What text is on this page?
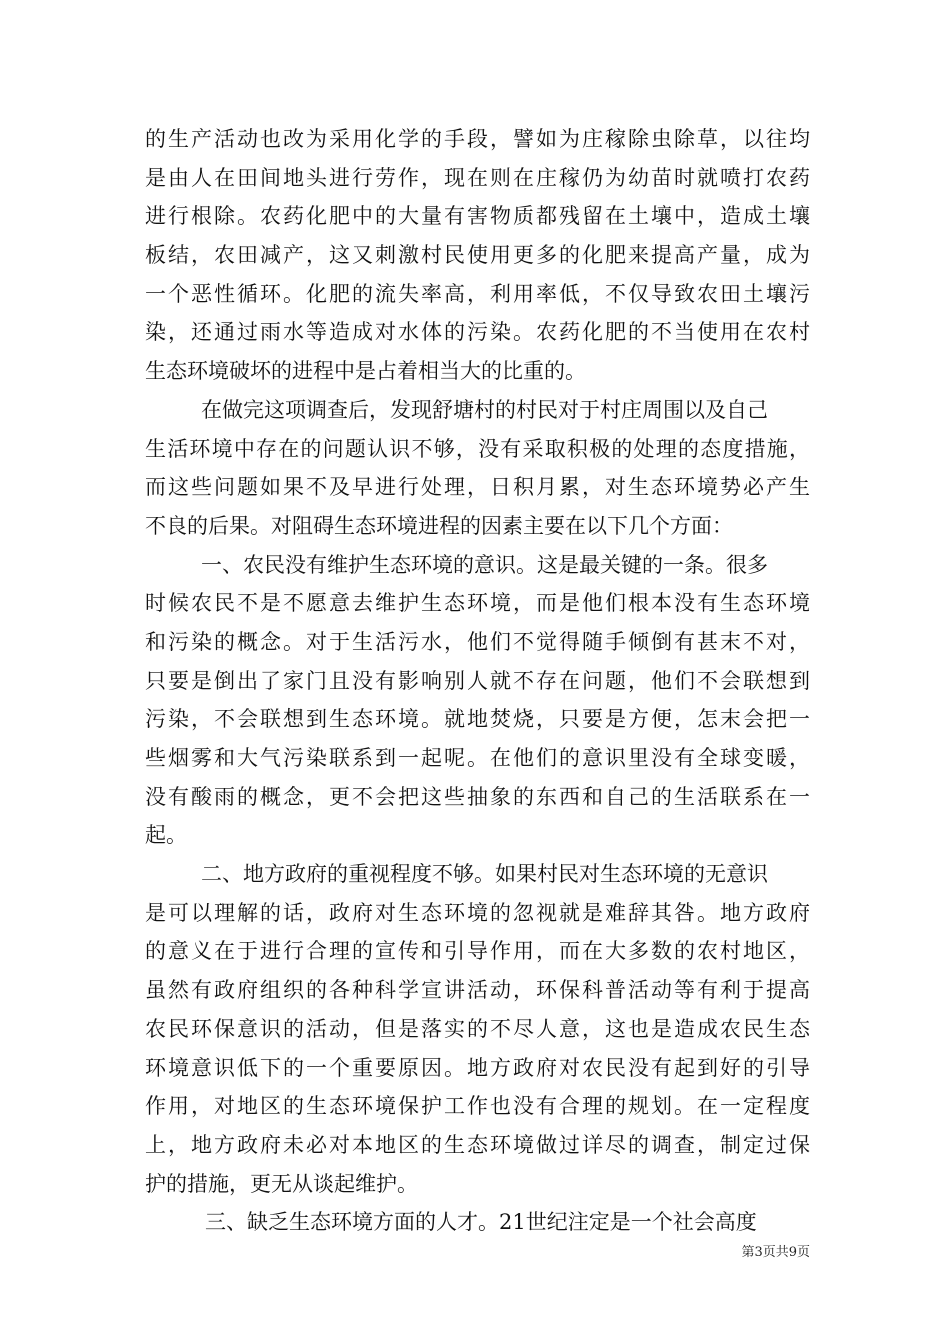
的生产活动也改为采用化学的手段，譬如为庄稼除虫除草，以往均
是由人在田间地头进行劳作，现在则在庄稼仍为幼苗时就喷打农药
进行根除。农药化肥中的大量有害物质都残留在土壤中，造成土壤
板结，农田减产，这又刺激村民使用更多的化肥来提高产量，成为
一个恶性循环。化肥的流失率高，利用率低，不仅导致农田土壤污
染，还通过雨水等造成对水体的污染。农药化肥的不当使用在农村
生态环境破坏的进程中是占着相当大的比重的。
在做完这项调查后，发现舒塘村的村民对于村庄周围以及自己
生活环境中存在的问题认识不够，没有采取积极的处理的态度措施，
而这些问题如果不及早进行处理，日积月累，对生态环境势必产生
不良的后果。对阻碍生态环境进程的因素主要在以下几个方面：
一、农民没有维护生态环境的意识。这是最关键的一条。很多
时候农民不是不愿意去维护生态环境，而是他们根本没有生态环境
和污染的概念。对于生活污水，他们不觉得随手倾倒有甚末不对，
只要是倒出了家门且没有影响别人就不存在问题，他们不会联想到
污染，不会联想到生态环境。就地焚烧，只要是方便，怎末会把一
些烟雾和大气污染联系到一起呢。在他们的意识里没有全球变暖，
没有酸雨的概念，更不会把这些抽象的东西和自己的生活联系在一
起。
二、地方政府的重视程度不够。如果村民对生态环境的无意识
是可以理解的话，政府对生态环境的忽视就是难辞其咎。地方政府
的意义在于进行合理的宣传和引导作用，而在大多数的农村地区，
虽然有政府组织的各种科学宣讲活动，环保科普活动等有利于提高
农民环保意识的活动，但是落实的不尽人意，这也是造成农民生态
环境意识低下的一个重要原因。地方政府对农民没有起到好的引导
作用，对地区的生态环境保护工作也没有合理的规划。在一定程度
上，地方政府未必对本地区的生态环境做过详尽的调查，制定过保
护的措施，更无从谈起维护。
三、缺乏生态环境方面的人才。21世纪注定是一个社会高度
第3页共9页
